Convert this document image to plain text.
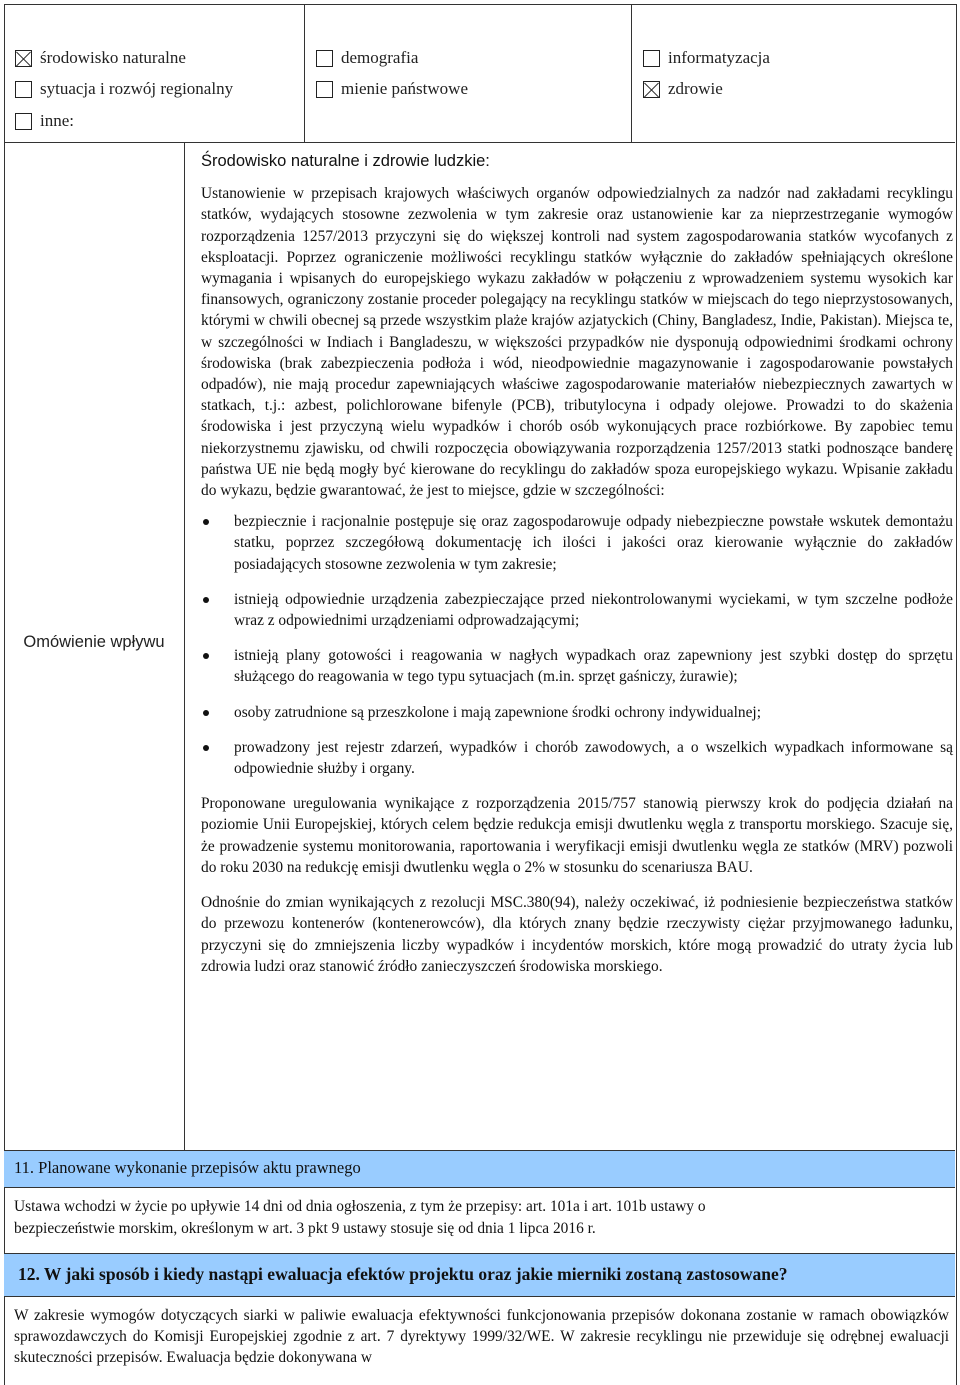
środowisko naturalne
sytuacja i rozwój regionalny
inne:
demografia
mienie państwowe
informatyzacja
zdrowie
Omówienie wpływu
Środowisko naturalne i zdrowie ludzkie:

Ustanowienie w przepisach krajowych właściwych organów odpowiedzialnych za nadzór nad zakładami recyklingu statków, wydających stosowne zezwolenia w tym zakresie oraz ustanowienie kar za nieprzestrzeganie wymogów rozporządzenia 1257/2013 przyczyni się do większej kontroli nad system zagospodarowania statków wycofanych z eksploatacji. Poprzez ograniczenie możliwości recyklingu statków wyłącznie do zakładów spełniających określone wymagania i wpisanych do europejskiego wykazu zakładów w połączeniu z wprowadzeniem systemu wysokich kar finansowych, ograniczony zostanie proceder polegający na recyklingu statków w miejscach do tego nieprzystosowanych, którymi w chwili obecnej są przede wszystkim plaże krajów azjatyckich (Chiny, Bangladesz, Indie, Pakistan). Miejsca te, w szczególności w Indiach i Bangladeszu, w większości przypadków nie dysponują odpowiednimi środkami ochrony środowiska (brak zabezpieczenia podłoża i wód, nieodpowiednie magazynowanie i zagospodarowanie powstałych odpadów), nie mają procedur zapewniających właściwe zagospodarowanie materiałów niebezpiecznych zawartych w statkach, t.j.: azbest, polichlorowane bifenyle (PCB), tributylocyna i odpady olejowe. Prowadzi to do skażenia środowiska i jest przyczyną wielu wypadków i chorób osób wykonujących prace rozbiórkowe. By zapobiec temu niekorzystnemu zjawisku, od chwili rozpoczęcia obowiązywania rozporządzenia 1257/2013 statki podnoszące banderę państwa UE nie będą mogły być kierowane do recyklingu do zakładów spoza europejskiego wykazu. Wpisanie zakładu do wykazu, będzie gwarantować, że jest to miejsce, gdzie w szczególności:

bezpiecznie i racjonalnie postępuje się oraz zagospodarowuje odpady niebezpieczne powstałe wskutek demontażu statku, poprzez szczegółową dokumentację ich ilości i jakości oraz kierowanie wyłącznie do zakładów posiadających stosowne zezwolenia w tym zakresie;
istnieją odpowiednie urządzenia zabezpieczające przed niekontrolowanymi wyciekami, w tym szczelne podłoże wraz z odpowiednimi urządzeniami odprowadzającymi;
istnieją plany gotowości i reagowania w nagłych wypadkach oraz zapewniony jest szybki dostęp do sprzętu służącego do reagowania w tego typu sytuacjach (m.in. sprzęt gaśniczy, żurawie);
osoby zatrudnione są przeszkolone i mają zapewnione środki ochrony indywidualnej;
prowadzony jest rejestr zdarzeń, wypadków i chorób zawodowych, a o wszelkich wypadkach informowane są odpowiednie służby i organy.

Proponowane uregulowania wynikające z rozporządzenia 2015/757 stanowią pierwszy krok do podjęcia działań na poziomie Unii Europejskiej, których celem będzie redukcja emisji dwutlenku węgla z transportu morskiego. Szacuje się, że prowadzenie systemu monitorowania, raportowania i weryfikacji emisji dwutlenku węgla ze statków (MRV) pozwoli do roku 2030 na redukcję emisji dwutlenku węgla o 2% w stosunku do scenariusza BAU.

Odnośnie do zmian wynikających z rezolucji MSC.380(94), należy oczekiwać, iż podniesienie bezpieczeństwa statków do przewozu kontenerów (kontenerowców), dla których znany będzie rzeczywisty ciężar przyjmowanego ładunku, przyczyni się do zmniejszenia liczby wypadków i incydentów morskich, które mogą prowadzić do utraty życia lub zdrowia ludzi oraz stanowić źródło zanieczyszczeń środowiska morskiego.

11. Planowane wykonanie przepisów aktu prawnego
Ustawa wchodzi w życie po upływie 14 dni od dnia ogłoszenia, z tym że przepisy: art. 101a i art. 101b ustawy o
bezpieczeństwie morskim, określonym w art. 3 pkt 9 ustawy stosuje się od dnia 1 lipca 2016 r.
12. W jaki sposób i kiedy nastąpi ewaluacja efektów projektu oraz jakie mierniki zostaną zastosowane?
W zakresie wymogów dotyczących siarki w paliwie ewaluacja efektywności funkcjonowania przepisów dokonana zostanie w ramach obowiązków sprawozdawczych do Komisji Europejskiej zgodnie z art. 7 dyrektywy 1999/32/WE. W zakresie recyklingu nie przewiduje się odrębnej ewaluacji skuteczności przepisów. Ewaluacja będzie dokonywana w
